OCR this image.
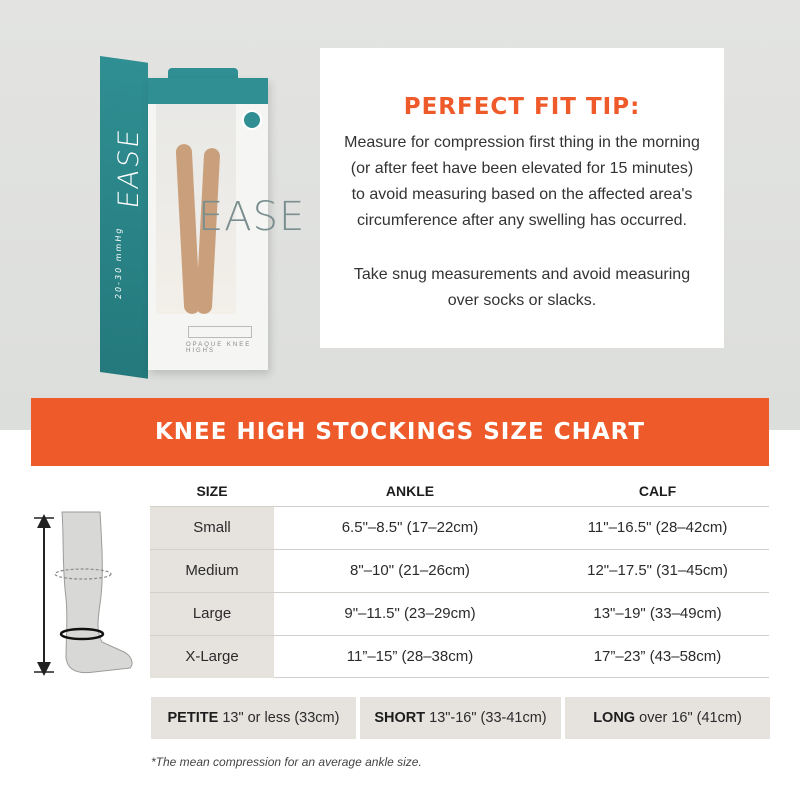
EASE
20-30 mmHg
EASE
OPAQUE KNEE HIGHS
PERFECT FIT TIP:

Measure for compression first thing in the morning (or after feet have been elevated for 15 minutes) to avoid measuring based on the affected area's circumference after any swelling has occurred.

Take snug measurements and avoid measuring over socks or slacks.

KNEE HIGH STOCKINGS SIZE CHART
SIZE	ANKLE	CALF
Small	6.5"–8.5" (17–22cm)	11"–16.5" (28–42cm)
Medium	8"–10" (21–26cm)	12"–17.5" (31–45cm)
Large	9"–11.5" (23–29cm)	13"–19" (33–49cm)
X-Large	11”–15” (28–38cm)	17”–23” (43–58cm)
PETITE 13" or less (33cm)	SHORT 13"-16" (33-41cm)	LONG over 16" (41cm)
*The mean compression for an average ankle size.
